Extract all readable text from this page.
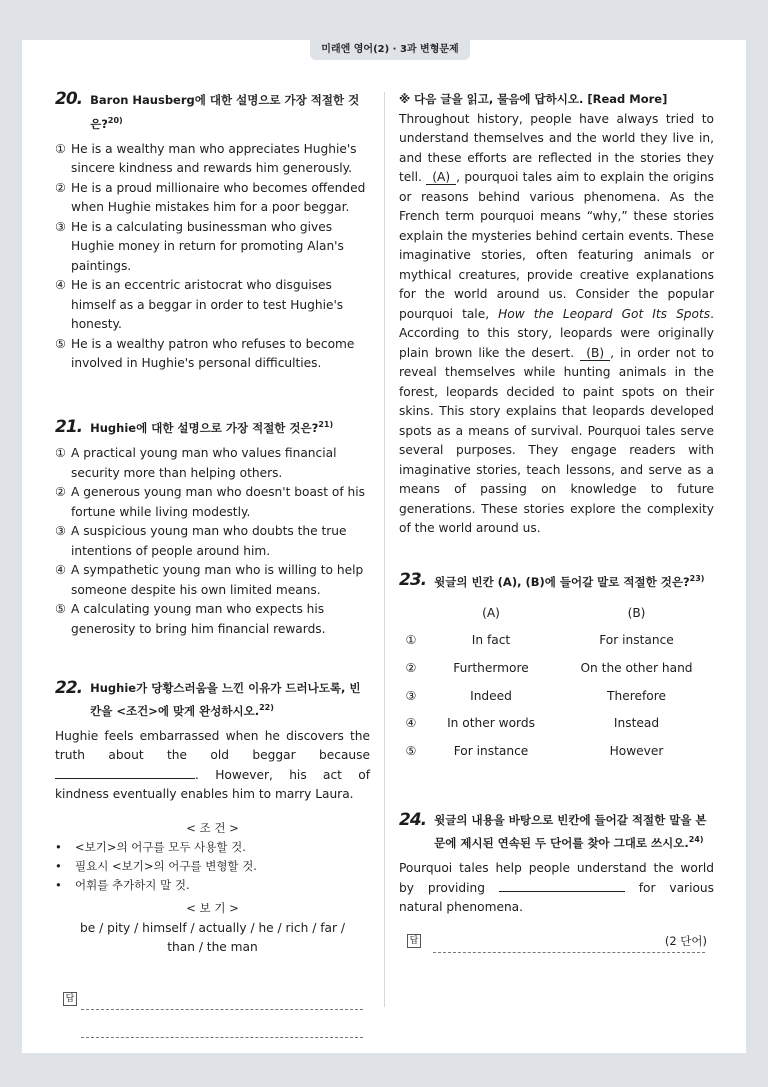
미래엔 영어(2) · 3과 변형문제
20. Baron Hausberg에 대한 설명으로 가장 적절한 것은?$^{20)}$
① He is a wealthy man who appreciates Hughie's sincere kindness and rewards him generously.
② He is a proud millionaire who becomes offended when Hughie mistakes him for a poor beggar.
③ He is a calculating businessman who gives Hughie money in return for promoting Alan's paintings.
④ He is an eccentric aristocrat who disguises himself as a beggar in order to test Hughie's honesty.
⑤ He is a wealthy patron who refuses to become involved in Hughie's personal difficulties.
21. Hughie에 대한 설명으로 가장 적절한 것은?$^{21)}$
① A practical young man who values financial security more than helping others.
② A generous young man who doesn't boast of his fortune while living modestly.
③ A suspicious young man who doubts the true intentions of people around him.
④ A sympathetic young man who is willing to help someone despite his own limited means.
⑤ A calculating young man who expects his generosity to bring him financial rewards.
22. Hughie가 당황스러움을 느낀 이유가 드러나도록, 빈칸을 <조건>에 맞게 완성하시오.$^{22)}$
Hughie feels embarrassed when he discovers the truth about the old beggar because . However, his act of kindness eventually enables him to marry Laura.
< 조 건 >
•	<보기>의 어구를 모두 사용할 것.
•	필요시 <보기>의 어구를 변형할 것.
•	어휘를 추가하지 말 것.
< 보 기 >
be / pity / himself / actually / he / rich / far /
than / the man
답
※ 다음 글을 읽고, 물음에 답하시오. [Read More]
Throughout history, people have always tried to understand themselves and the world they live in, and these efforts are reflected in the stories they tell. (A) , pourquoi tales aim to explain the origins or reasons behind various phenomena. As the French term pourquoi means “why,” these stories explain the mysteries behind certain events. These imaginative stories, often featuring animals or mythical creatures, provide creative explanations for the world around us. Consider the popular pourquoi tale, How the Leopard Got Its Spots. According to this story, leopards were originally plain brown like the desert. (B) , in order not to reveal themselves while hunting animals in the forest, leopards decided to paint spots on their skins. This story explains that leopards developed spots as a means of survival. Pourquoi tales serve several purposes. They engage readers with imaginative stories, teach lessons, and serve as a means of passing on knowledge to future generations. These stories explore the complexity of the world around us.
23. 윗글의 빈칸 (A), (B)에 들어갈 말로 적절한 것은?$^{23)}$
	(A)	(B)
①	In fact	For instance
②	Furthermore	On the other hand
③	Indeed	Therefore
④	In other words	Instead
⑤	For instance	However
24. 윗글의 내용을 바탕으로 빈칸에 들어갈 적절한 말을 본문에 제시된 연속된 두 단어를 찾아 그대로 쓰시오.$^{24)}$
Pourquoi tales help people understand the world by providing	for various natural phenomena.
답	(2 단어)
